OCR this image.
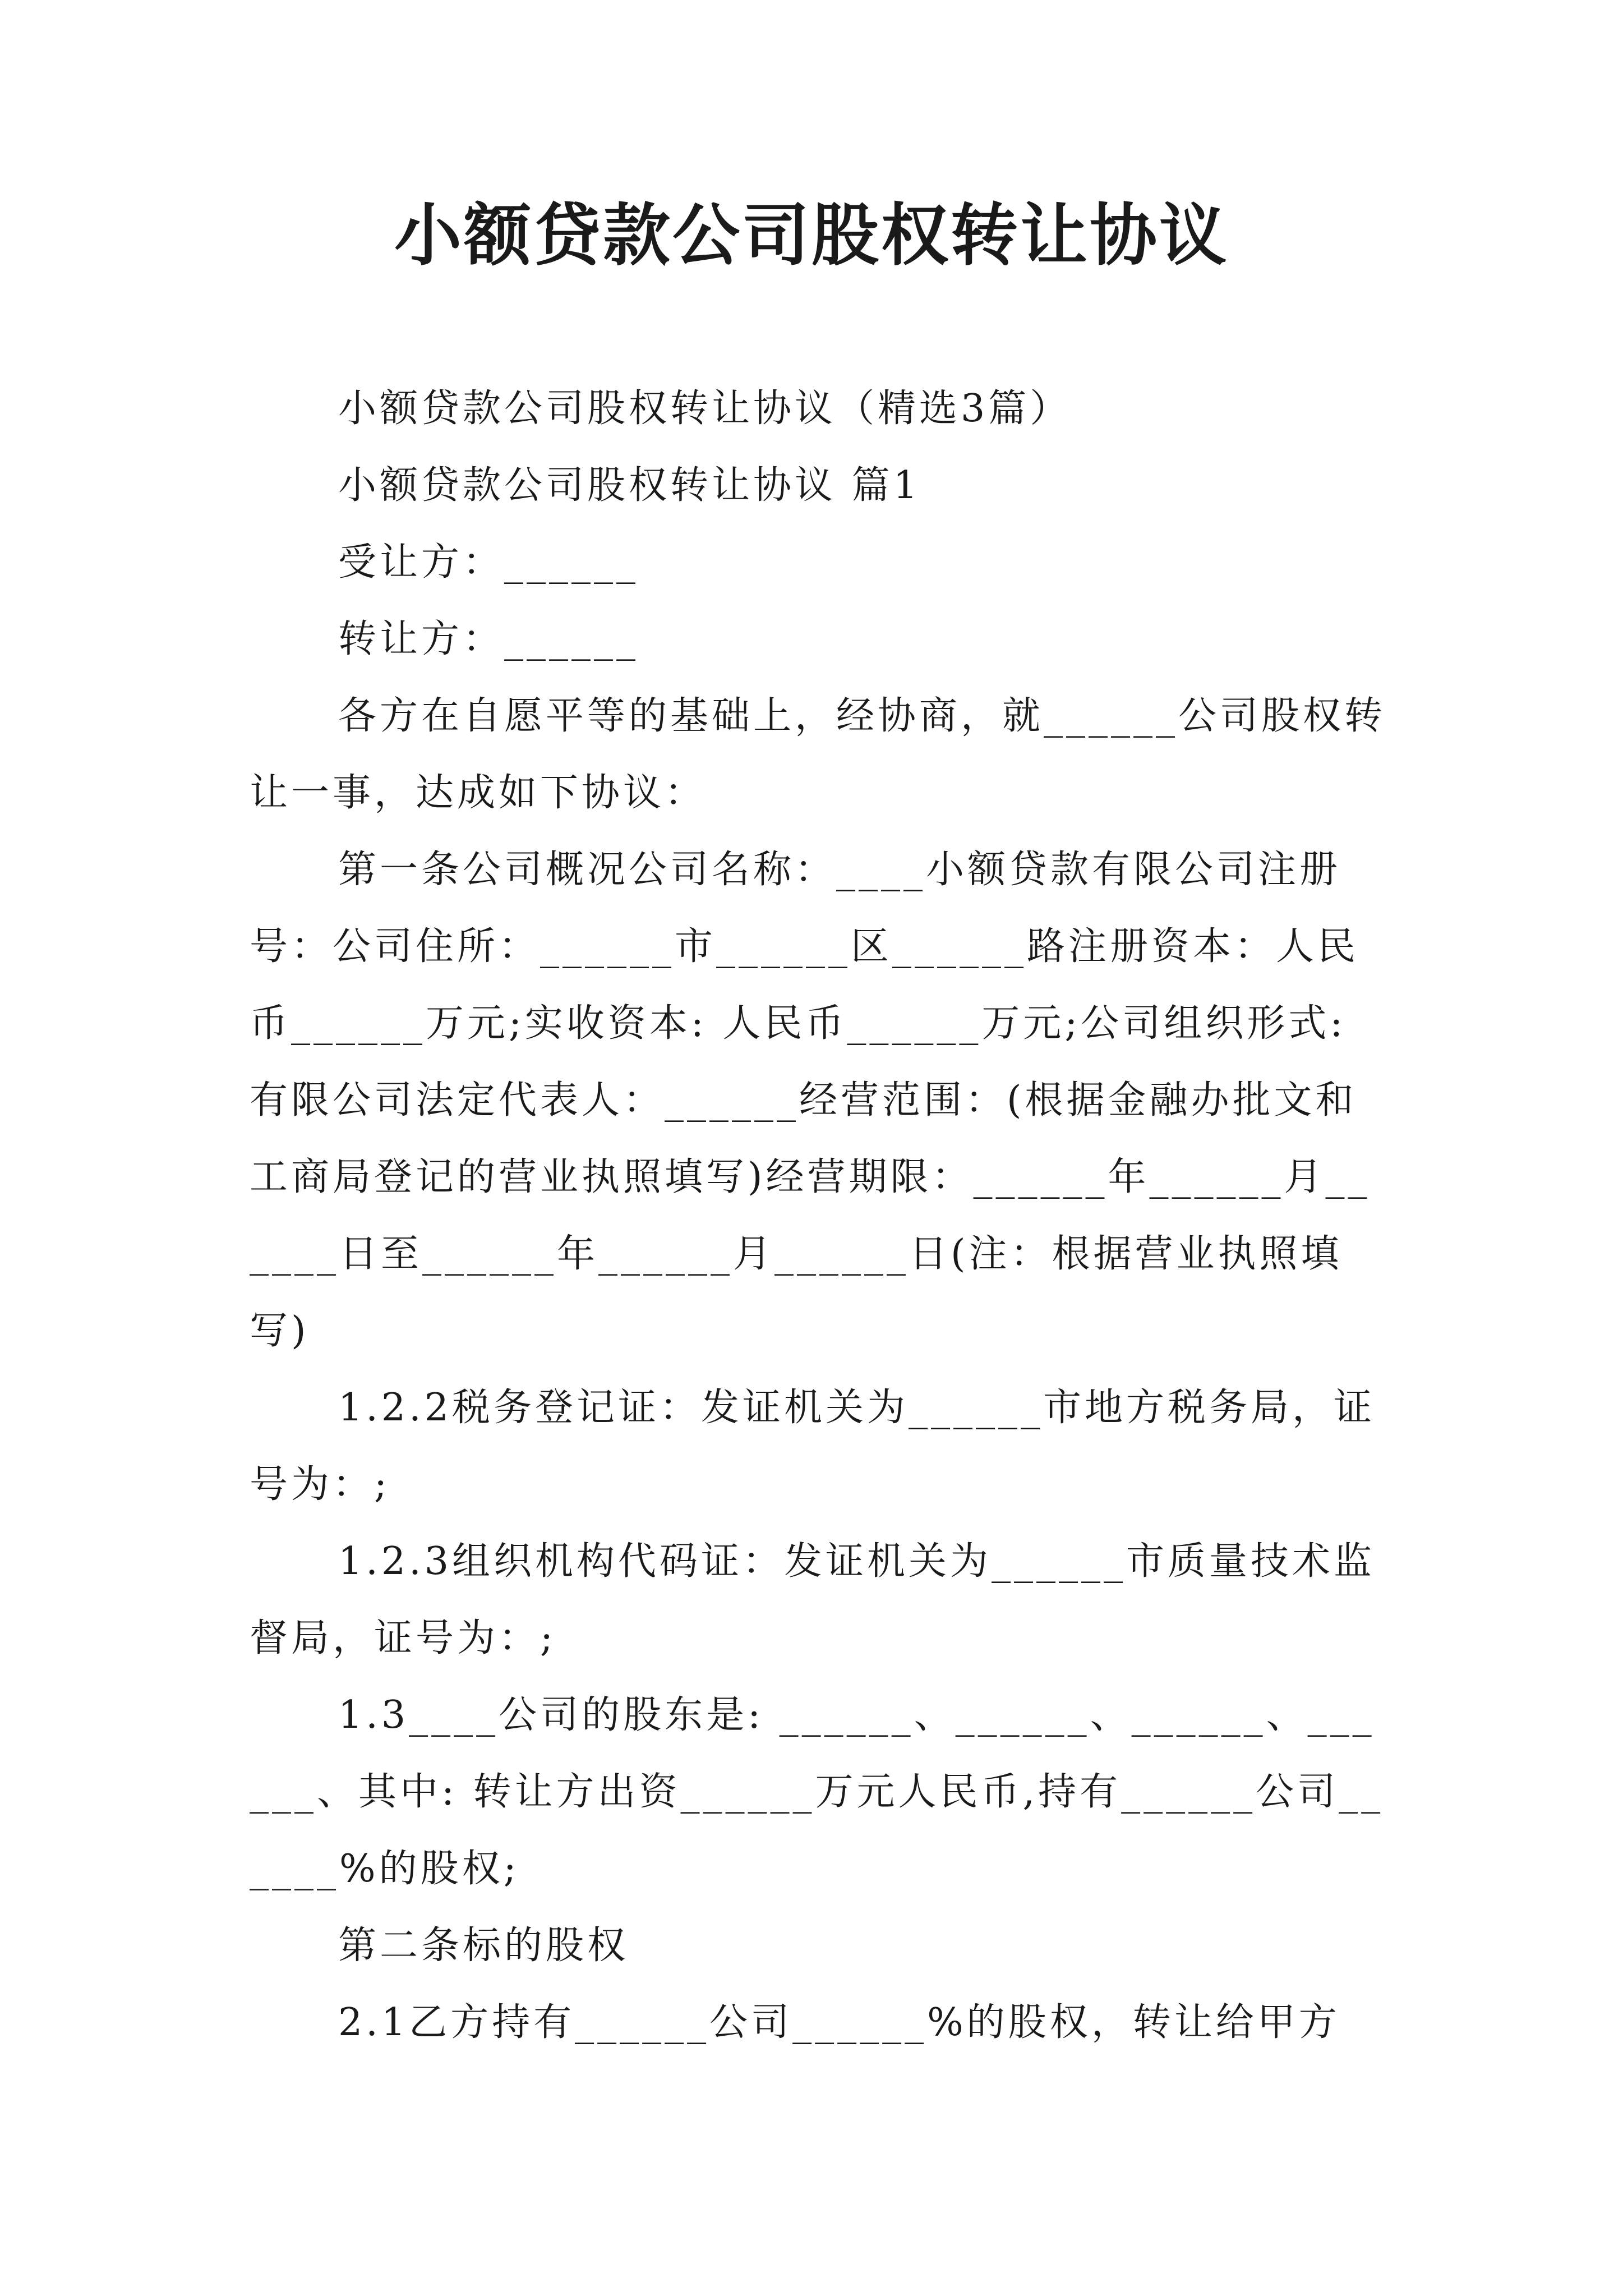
小额贷款公司股权转让协议

小额贷款公司股权转让协议（精选3篇）

小额贷款公司股权转让协议 篇1

受让方：______

转让方：______

各方在自愿平等的基础上，经协商，就______公司股权转让一事，达成如下协议：

第一条公司概况公司名称：____小额贷款有限公司注册号：公司住所：______市______区______路注册资本：人民币______万元;实收资本: 人民币______万元;公司组织形式: 有限公司法定代表人：______经营范围：(根据金融办批文和工商局登记的营业执照填写)经营期限：______年______月______日至______年______月______日(注：根据营业执照填写)

1.2.2税务登记证：发证机关为______市地方税务局，证号为：;

1.2.3组织机构代码证：发证机关为______市质量技术监督局，证号为：;

1.3____公司的股东是: ______、______、______、______、其中: 转让方出资______万元人民币,持有______公司______%的股权;

第二条标的股权

2.1乙方持有______公司______%的股权，转让给甲方
